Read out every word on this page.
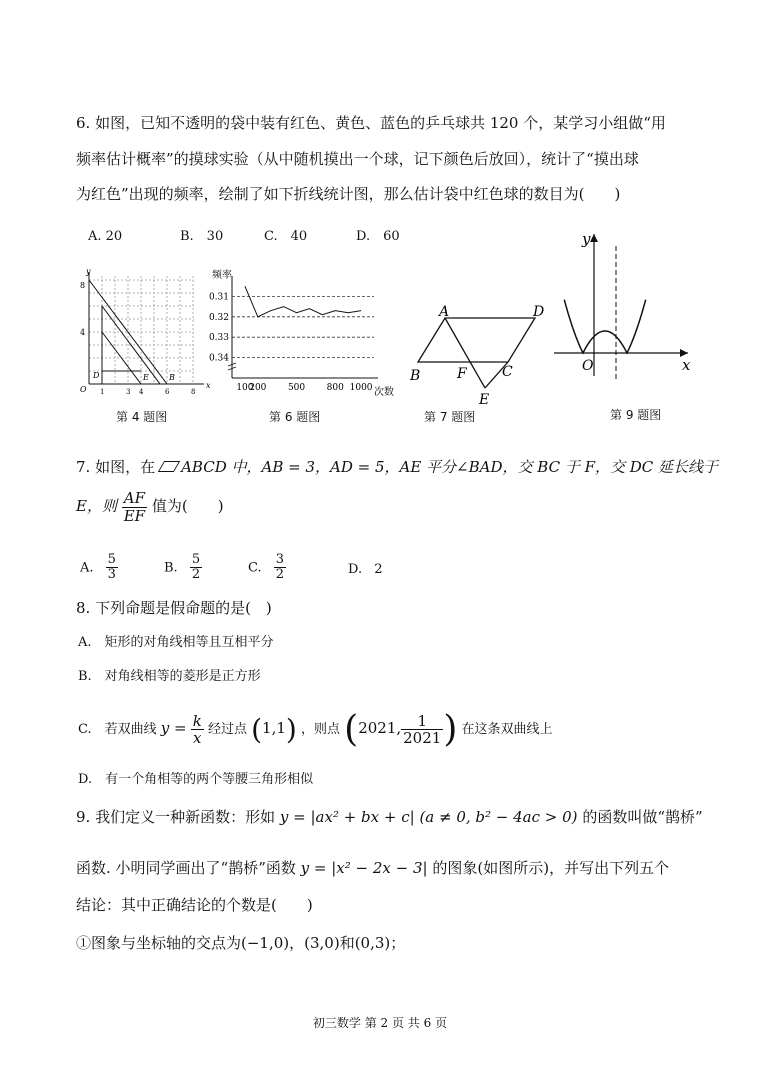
6. 如图，已知不透明的袋中装有红色、黄色、蓝色的乒乓球共 120 个，某学习小组做“用
频率估计概率”的摸球实验（从中随机摸出一个球，记下颜色后放回），统计了“摸出球
为红色”出现的频率，绘制了如下折线统计图，那么估计袋中红色球的数目为(　　)
A. 20	B.　30	C.　40	D.　60
y
8
4
O
D	E	B
x
1	3 4	6	8
第 4 题图
频率
次数
0.34
0.33
0.32
0.31
100
200 500 800 1000
第 6 题图
A	D
B	F	C
E
第 7 题图
y
O	x
第 9 题图
7. 如图，在 ABCD 中，AB = 3，AD = 5，AE 平分∠BAD，交 BC 于 F，交 DC 延长线于
E，则 $\frac{AF}{EF}$ 值为(　　)
A. $\frac{5}{3}$	B. $\frac{5}{2}$	C. $\frac{3}{2}$	D. 2
8. 下列命题是假命题的是(　)
A.　矩形的对角线相等且互相平分
B.　对角线相等的菱形是正方形
C.　若双曲线 $y = \frac{k}{x}$ 经过点 (1,1) ，则点 (2021, $\frac{1}{2021}$ ) 在这条双曲线上
D.　有一个角相等的两个等腰三角形相似
9. 我们定义一种新函数：形如 y = |ax² + bx + c| (a ≠ 0, b² − 4ac > 0) 的函数叫做“鹊桥”
函数. 小明同学画出了“鹊桥”函数 y = |x² − 2x − 3| 的图象(如图所示)，并写出下列五个
结论：其中正确结论的个数是(　　)
①图象与坐标轴的交点为(−1,0)，(3,0)和(0,3)；
初三数学 第 2 页 共 6 页
